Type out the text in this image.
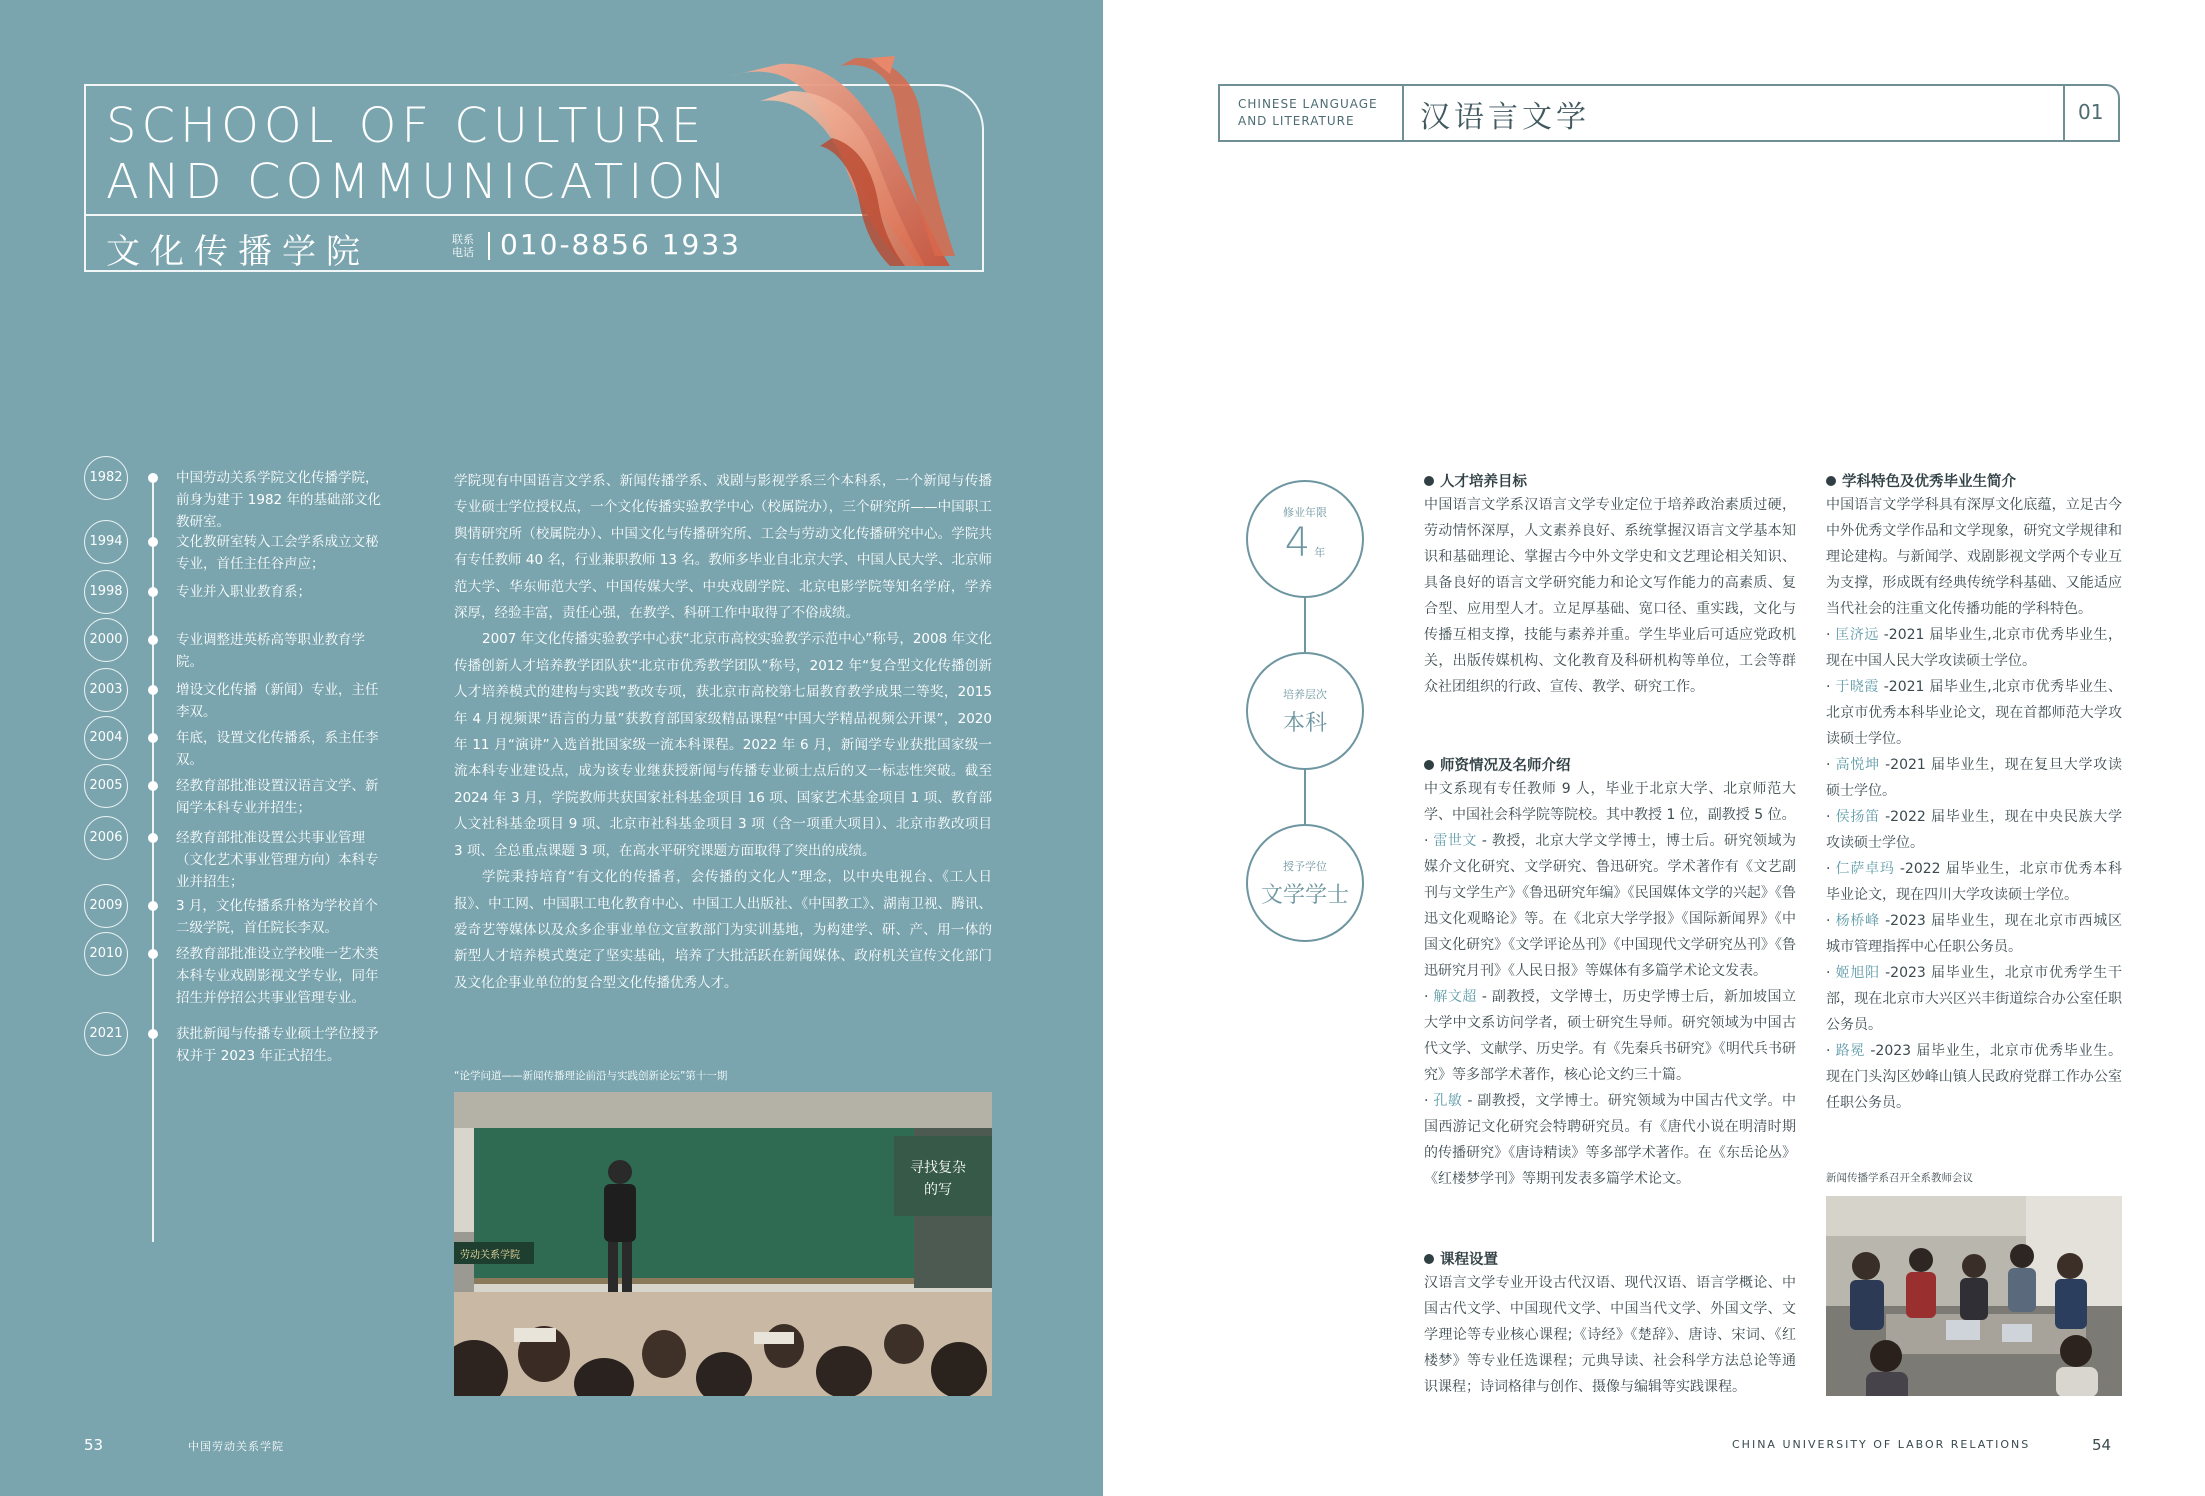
SCHOOL OF CULTURE
AND COMMUNICATION
文化传播学院	联系电话 010-8856 1933
1982	中国劳动关系学院文化传播学院，前身为建于 1982 年的基础部文化教研室。
1994	文化教研室转入工会学系成立文秘专业，首任主任谷声应；
1998	专业并入职业教育系；
2000	专业调整进英桥高等职业教育学院。
2003	增设文化传播（新闻）专业，主任李双。
2004	年底，设置文化传播系，系主任李双。
2005	经教育部批准设置汉语言文学、新闻学本科专业并招生；
2006	经教育部批准设置公共事业管理（文化艺术事业管理方向）本科专业并招生；
2009	3 月，文化传播系升格为学校首个二级学院，首任院长李双。
2010	经教育部批准设立学校唯一艺术类本科专业戏剧影视文学专业，同年招生并停招公共事业管理专业。
2021	获批新闻与传播专业硕士学位授予权并于 2023 年正式招生。

学院现有中国语言文学系、新闻传播学系、戏剧与影视学系三个本科系，一个新闻与传播专业硕士学位授权点，一个文化传播实验教学中心（校属院办），三个研究所——中国职工舆情研究所（校属院办）、中国文化与传播研究所、工会与劳动文化传播研究中心。学院共有专任教师 40 名，行业兼职教师 13 名。教师多毕业自北京大学、中国人民大学、北京师范大学、华东师范大学、中国传媒大学、中央戏剧学院、北京电影学院等知名学府，学养深厚，经验丰富，责任心强，在教学、科研工作中取得了不俗成绩。

2007 年文化传播实验教学中心获“北京市高校实验教学示范中心”称号，2008 年文化传播创新人才培养教学团队获“北京市优秀教学团队”称号，2012 年“复合型文化传播创新人才培养模式的建构与实践”教改专项，获北京市高校第七届教育教学成果二等奖，2015 年 4 月视频课“语言的力量”获教育部国家级精品课程“中国大学精品视频公开课”，2020 年 11 月“演讲”入选首批国家级一流本科课程。2022 年 6 月，新闻学专业获批国家级一流本科专业建设点，成为该专业继获授新闻与传播专业硕士点后的又一标志性突破。截至 2024 年 3 月，学院教师共获国家社科基金项目 16 项、国家艺术基金项目 1 项、教育部人文社科基金项目 9 项、北京市社科基金项目 3 项（含一项重大项目）、北京市教改项目 3 项、全总重点课题 3 项，在高水平研究课题方面取得了突出的成绩。

学院秉持培育“有文化的传播者，会传播的文化人”理念，以中央电视台、《工人日报》、中工网、中国职工电化教育中心、中国工人出版社、《中国教工》、湖南卫视、腾讯、爱奇艺等媒体以及众多企事业单位文宣教部门为实训基地，为构建学、研、产、用一体的新型人才培养模式奠定了坚实基础，培养了大批活跃在新闻媒体、政府机关宣传文化部门及文化企事业单位的复合型文化传播优秀人才。

“论学问道——新闻传播理论前沿与实践创新论坛”第十一期
寻找复杂
的写
劳动关系学院
53	中国劳动关系学院
CHINESE LANGUAGE AND LITERATURE	汉语言文学	01
修业年限
4 年
培养层次
本科
授予学位
文学学士
人才培养目标
中国语言文学系汉语言文学专业定位于培养政治素质过硬，劳动情怀深厚，人文素养良好、系统掌握汉语言文学基本知识和基础理论、掌握古今中外文学史和文艺理论相关知识、具备良好的语言文学研究能力和论文写作能力的高素质、复合型、应用型人才。立足厚基础、宽口径、重实践，文化与传播互相支撑，技能与素养并重。学生毕业后可适应党政机关，出版传媒机构、文化教育及科研机构等单位，工会等群众社团组织的行政、宣传、教学、研究工作。
师资情况及名师介绍

中文系现有专任教师 9 人，毕业于北京大学、北京师范大学、中国社会科学院等院校。其中教授 1 位，副教授 5 位。

· 雷世文 - 教授，北京大学文学博士，博士后。研究领域为媒介文化研究、文学研究、鲁迅研究。学术著作有《文艺副刊与文学生产》《鲁迅研究年编》《民国媒体文学的兴起》《鲁迅文化观略论》等。在《北京大学学报》《国际新闻界》《中国文化研究》《文学评论丛刊》《中国现代文学研究丛刊》《鲁迅研究月刊》《人民日报》等媒体有多篇学术论文发表。

· 解文超 - 副教授，文学博士，历史学博士后，新加坡国立大学中文系访问学者，硕士研究生导师。研究领域为中国古代文学、文献学、历史学。有《先秦兵书研究》《明代兵书研究》等多部学术著作，核心论文约三十篇。

· 孔敏 - 副教授，文学博士。研究领域为中国古代文学。中国西游记文化研究会特聘研究员。有《唐代小说在明清时期的传播研究》《唐诗精读》等多部学术著作。在《东岳论丛》《红楼梦学刊》等期刊发表多篇学术论文。

课程设置
汉语言文学专业开设古代汉语、现代汉语、语言学概论、中国古代文学、中国现代文学、中国当代文学、外国文学、文学理论等专业核心课程;《诗经》《楚辞》、唐诗、宋词、《红楼梦》等专业任选课程；元典导读、社会科学方法总论等通识课程；诗词格律与创作、摄像与编辑等实践课程。
学科特色及优秀毕业生简介

中国语言文学学科具有深厚文化底蕴，立足古今中外优秀文学作品和文学现象，研究文学规律和理论建构。与新闻学、戏剧影视文学两个专业互为支撑，形成既有经典传统学科基础、又能适应当代社会的注重文化传播功能的学科特色。

· 匡济远 -2021 届毕业生,北京市优秀毕业生，现在中国人民大学攻读硕士学位。

· 于晓霞 -2021 届毕业生,北京市优秀毕业生、北京市优秀本科毕业论文，现在首都师范大学攻读硕士学位。

· 高悦坤 -2021 届毕业生，现在复旦大学攻读硕士学位。

· 侯扬笛 -2022 届毕业生，现在中央民族大学攻读硕士学位。

· 仁萨卓玛 -2022 届毕业生，北京市优秀本科毕业论文，现在四川大学攻读硕士学位。

· 杨桥峰 -2023 届毕业生，现在北京市西城区城市管理指挥中心任职公务员。

· 姬旭阳 -2023 届毕业生，北京市优秀学生干部，现在北京市大兴区兴丰街道综合办公室任职公务员。

· 路冕 -2023 届毕业生，北京市优秀毕业生。现在门头沟区妙峰山镇人民政府党群工作办公室任职公务员。

新闻传播学系召开全系教师会议
CHINA UNIVERSITY OF LABOR RELATIONS	54
